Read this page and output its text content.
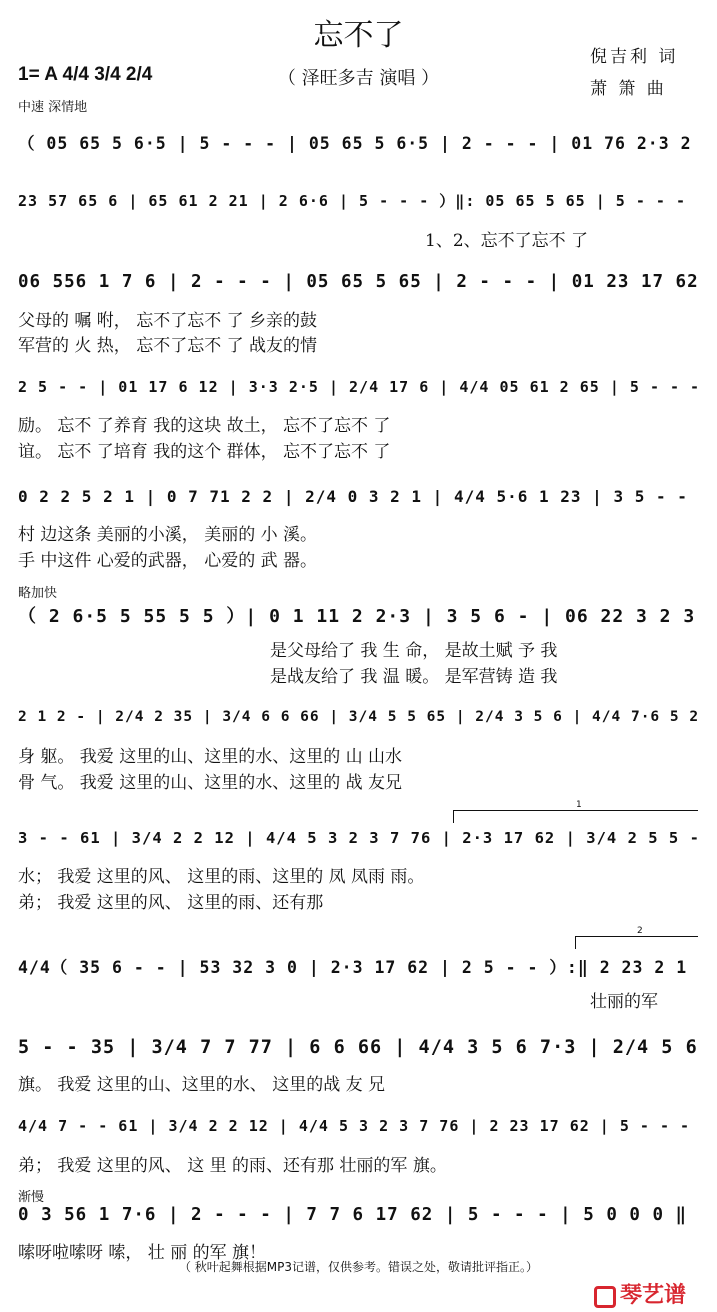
忘不了
（ 泽旺多吉 演唱 ）
倪吉利 词
萧 箫 曲
1= A 4/4 3/4 2/4
中速 深情地
（ 05 65 5 6·5 | 5 - - - | 05 65 5 6·5 | 2 - - - | 01 76 2·3 2
23 57 65 6 | 65 61 2 21 | 2 6·6 | 5 - - - ）‖: 05 65 5 65 | 5 - - -
1、2、忘不了忘不 了
06 556 1 7 6 | 2 - - - | 05 65 5 65 | 2 - - - | 01 23 17 62
父母的 嘱 咐， 忘不了忘不 了 乡亲的鼓
军营的 火 热， 忘不了忘不 了 战友的情
2 5 - - | 01 17 6 12 | 3·3 2·5 | 2/4 17 6 | 4/4 05 61 2 65 | 5 - - -
励。 忘不 了养育 我的这块 故土， 忘不了忘不 了
谊。 忘不 了培育 我的这个 群体， 忘不了忘不 了
0 2 2 5 2 1 | 0 7 71 2 2 | 2/4 0 3 2 1 | 4/4 5·6 1 23 | 3 5 - -
村 边这条 美丽的小溪， 美丽的 小 溪。
手 中这件 心爱的武器， 心爱的 武 器。
略加快
（ 2 6·5 5 55 5 5 ）| 0 1 11 2 2·3 | 3 5 6 - | 06 22 3 2 3
是父母给了 我 生 命， 是故土赋 予 我
是战友给了 我 温 暖。 是军营铸 造 我
2 1 2 - | 2/4 2 35 | 3/4 6 6 66 | 3/4 5 5 65 | 2/4 3 5 6 | 4/4 7·6 5 2
身 躯。 我爱 这里的山、这里的水、这里的 山 山水
骨 气。 我爱 这里的山、这里的水、这里的 战 友兄
1
3 - - 61 | 3/4 2 2 12 | 4/4 5 3 2 3 7 76 | 2·3 17 62 | 3/4 2 5 5 -
水； 我爱 这里的风、 这里的雨、这里的 凤 凤雨 雨。
弟； 我爱 这里的风、 这里的雨、还有那
2
4/4（ 35 6 - - | 53 32 3 0 | 2·3 17 62 | 2 5 - - ）:‖ 2 23 2 1
壮丽的军
5 - - 35 | 3/4 7 7 77 | 6 6 66 | 4/4 3 5 6 7·3 | 2/4 5 6
旗。 我爱 这里的山、这里的水、 这里的战 友 兄
4/4 7 - - 61 | 3/4 2 2 12 | 4/4 5 3 2 3 7 76 | 2 23 17 62 | 5 - - -
弟； 我爱 这里的风、 这 里 的雨、还有那 壮丽的军 旗。
渐慢
0 3 56 1 7·6 | 2 - - - | 7 7 6 17 62 | 5 - - - | 5 0 0 0 ‖
嗦呀啦嗦呀 嗦， 壮 丽 的军 旗！
（ 秋叶起舞根据MP3记谱，仅供参考。错误之处，敬请批评指正。）
琴艺谱
